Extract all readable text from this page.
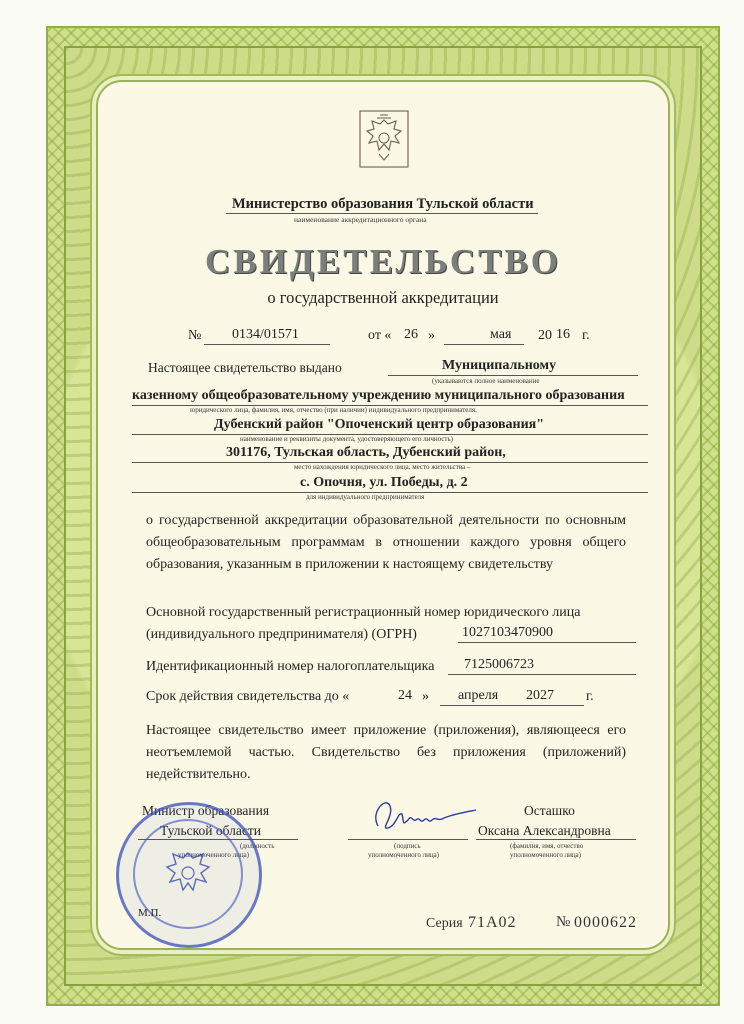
Министерство образования Тульской области
наименование аккредитационного органа
СВИДЕТЕЛЬСТВО
о государственной аккредитации
№ 0134/01571	от « 26 »	мая 20 16 г.
Настоящее свидетельство выдано	Муниципальному
(указываются полное наименование
казенному общеобразовательному учреждению муниципального образования
юридического лица, фамилия, имя, отчество (при наличии) индивидуального предпринимателя,
Дубенский район "Опоченский центр образования"
наименование и реквизиты документа, удостоверяющего его личность)
301176, Тульская область, Дубенский район,
место нахождения юридического лица, место жительства –
с. Опочня, ул. Победы, д. 2
для индивидуального предпринимателя
о государственной аккредитации образовательной деятельности по основным общеобразовательным программам в отношении каждого уровня общего образования, указанным в приложении к настоящему свидетельству
Основной государственный регистрационный номер юридического лица
(индивидуального предпринимателя) (ОГРН)	1027103470900
Идентификационный номер налогоплательщика 7125006723
Срок действия свидетельства до «	24 » апреля 2027 г.
Настоящее свидетельство имеет приложение (приложения), являющееся его неотъемлемой частью. Свидетельство без приложения (приложений) недействительно.
Министр образования
Тульской области
(должность
уполномоченного лица)
(подпись
уполномоченного лица)
Осташко
Оксана Александровна
(фамилия, имя, отчество
уполномоченного лица)
М.П.
Серия 71А02	№ 0000622
